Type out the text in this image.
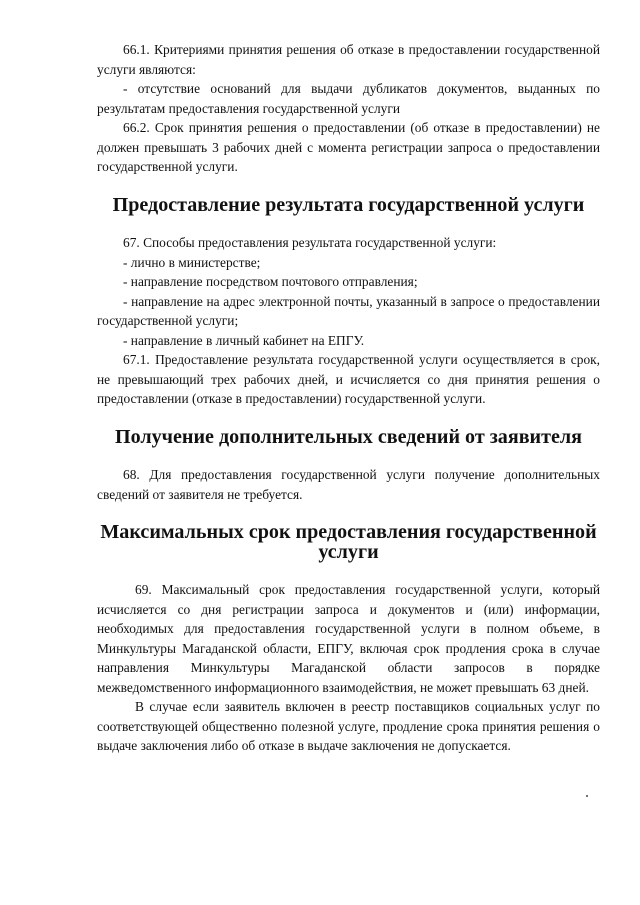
66.1. Критериями принятия решения об отказе в предоставлении государственной услуги являются:

- отсутствие оснований для выдачи дубликатов документов, выданных по результатам предоставления государственной услуги

66.2. Срок принятия решения о предоставлении (об отказе в предоставлении) не должен превышать 3 рабочих дней с момента регистрации запроса о предоставлении государственной услуги.

Предоставление результата государственной услуги

67. Способы предоставления результата государственной услуги:

- лично в министерстве;

- направление посредством почтового отправления;

- направление на адрес электронной почты, указанный в запросе о предоставлении государственной услуги;

- направление в личный кабинет на ЕПГУ.

67.1. Предоставление результата государственной услуги осуществляется в срок, не превышающий трех рабочих дней, и исчисляется со дня принятия решения о предоставлении (отказе в предоставлении) государственной услуги.

Получение дополнительных сведений от заявителя

68. Для предоставления государственной услуги получение дополнительных сведений от заявителя не требуется.

Максимальных срок предоставления государственной услуги

69. Максимальный срок предоставления государственной услуги, который исчисляется со дня регистрации запроса и документов и (или) информации, необходимых для предоставления государственной услуги в полном объеме, в Минкультуры Магаданской области, ЕПГУ, включая срок продления срока в случае направления Минкультуры Магаданской области запросов в порядке межведомственного информационного взаимодействия, не может превышать 63 дней.

В случае если заявитель включен в реестр поставщиков социальных услуг по соответствующей общественно полезной услуге, продление срока принятия решения о выдаче заключения либо об отказе в выдаче заключения не допускается.
